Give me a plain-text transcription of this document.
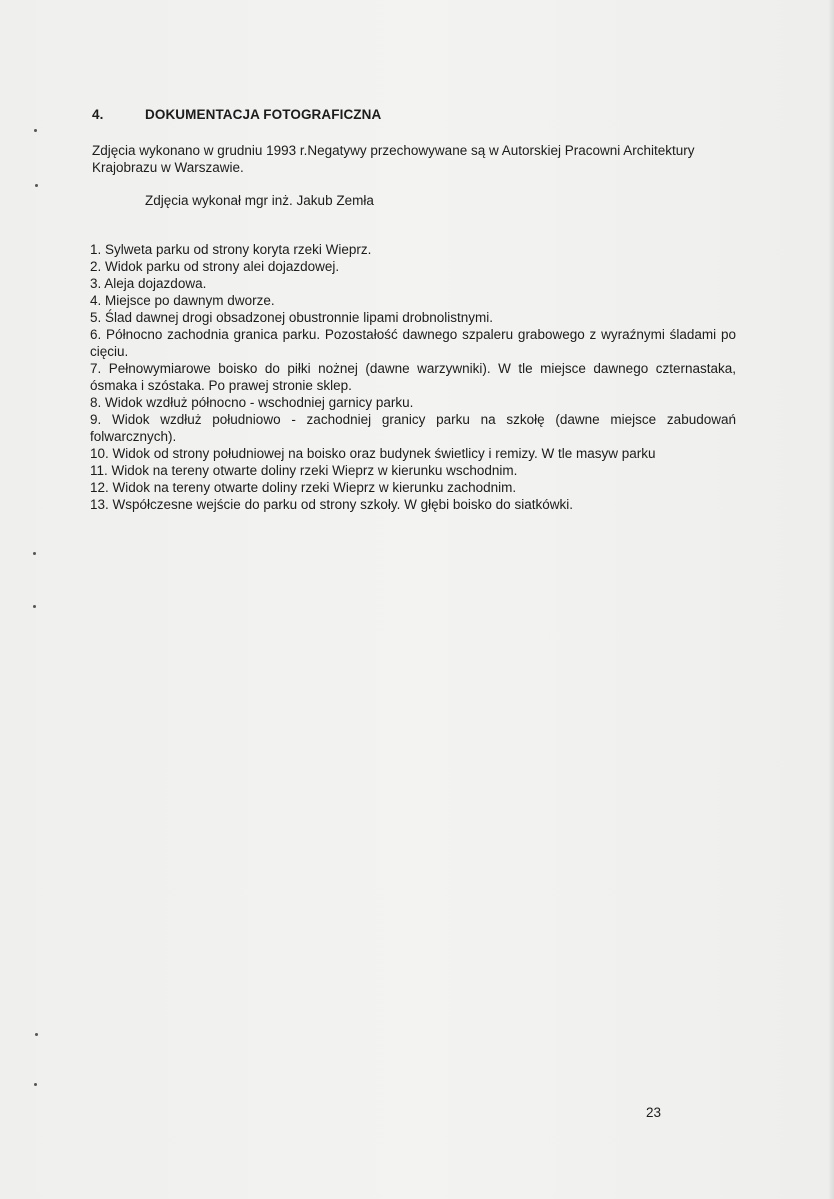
4.	DOKUMENTACJA FOTOGRAFICZNA
Zdjęcia wykonano w grudniu 1993 r.Negatywy przechowywane są w Autorskiej Pracowni Architektury Krajobrazu w Warszawie.
Zdjęcia wykonał mgr inż. Jakub Zemła
1. Sylweta parku od strony koryta rzeki Wieprz.
2. Widok parku od strony alei dojazdowej.
3. Aleja dojazdowa.
4. Miejsce po dawnym dworze.
5. Ślad dawnej drogi obsadzonej obustronnie lipami drobnolistnymi.
6. Północno zachodnia granica parku. Pozostałość dawnego szpaleru grabowego z wyraźnymi śladami po cięciu.
7. Pełnowymiarowe boisko do piłki nożnej (dawne warzywniki). W tle miejsce dawnego czternastaka, ósmaka i szóstaka. Po prawej stronie sklep.
8. Widok wzdłuż północno - wschodniej garnicy parku.
9. Widok wzdłuż południowo - zachodniej granicy parku na szkołę (dawne miejsce zabudowań folwarcznych).
10. Widok od strony południowej na boisko oraz budynek świetlicy i remizy. W tle masyw parku
11. Widok na tereny otwarte doliny rzeki Wieprz w kierunku wschodnim.
12. Widok na tereny otwarte doliny rzeki Wieprz w kierunku zachodnim.
13. Współczesne wejście do parku od strony szkoły. W głębi boisko do siatkówki.
23
